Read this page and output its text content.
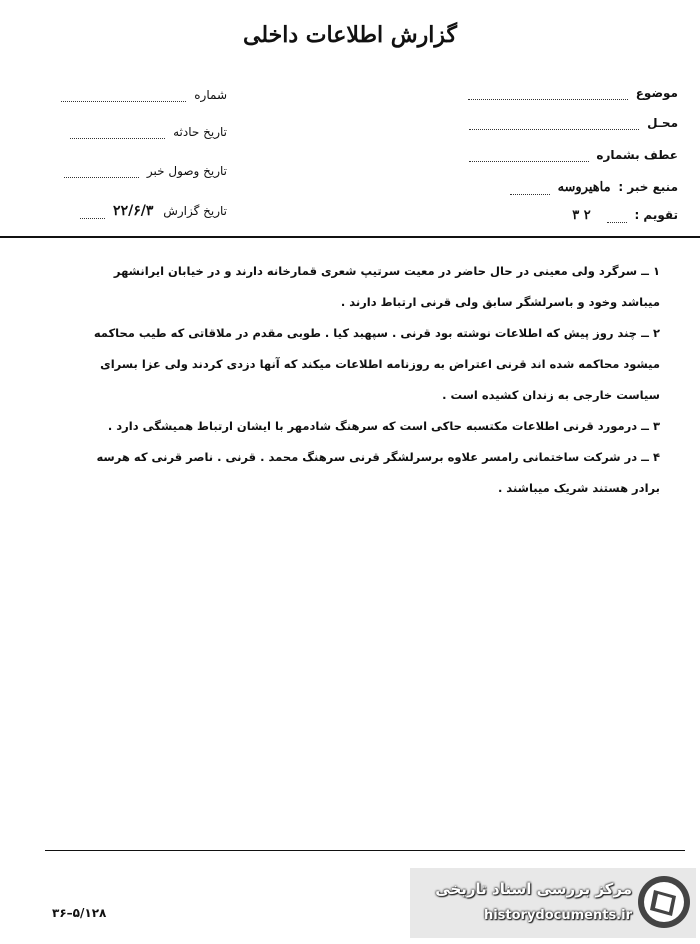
گزارش اطلاعات داخلی
موضوع
محـل
عطف بشماره
منبع خبر : ماهیروسه
تقویم :  ۲ ۳
شماره
تاریخ حادثه
تاریخ وصول خبر
تاریخ گزارش ۲۲/۶/۳
۱ ــ سرگرد ولی معینی در حال حاضر در معیت سرتیپ شعری قمارخانه دارند و در خیابان ایرانشهر
میباشد وخود و باسرلشگر سابق ولی قرنی ارتباط دارند .
۲ ــ چند روز پیش که اطلاعات نوشته بود قرنی . سپهبد کیا . طوبی مقدم در ملاقاتی که طیب محاکمه
میشود محاکمه شده اند قرنی اعتراض به روزنامه اطلاعات میکند که آنها دزدی کردند ولی عزا بسرای
سیاست خارجی به زندان کشیده است .
۳ ــ درمورد قرنی اطلاعات مکتسبه حاکی است که سرهنگ شادمهر با ایشان ارتباط همیشگی دارد .
۴ ــ در شرکت ساختمانی رامسر علاوه برسرلشگر قرنی سرهنگ محمد . قرنی . ناصر قرنی که هرسه
برادر هستند شریک میباشند .
۵/۱۲۸–۳۶
مرکز بررسی اسناد تاریخی
historydocuments.ir
